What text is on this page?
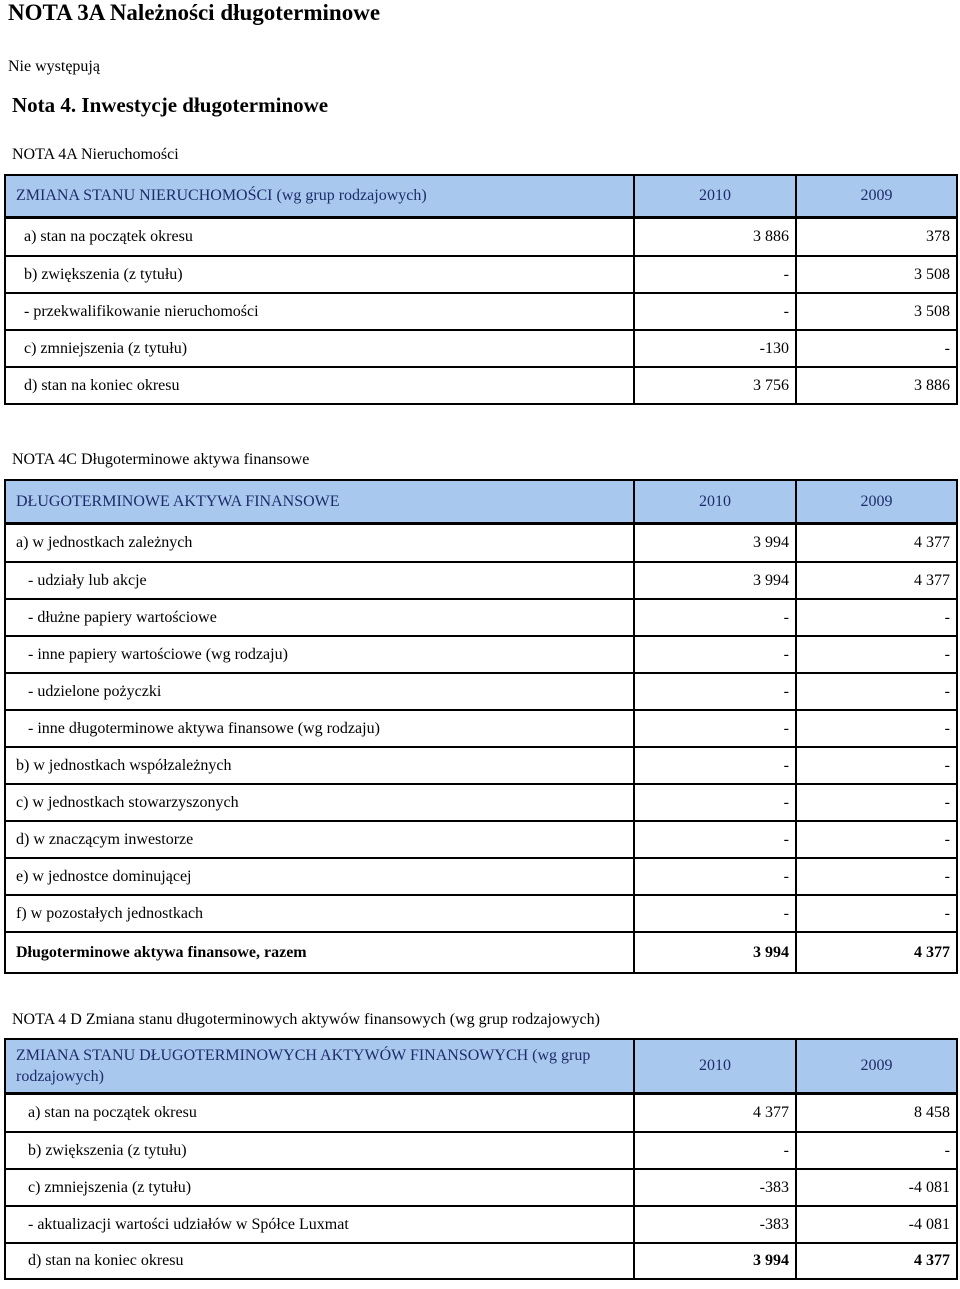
NOTA 3A Należności długoterminowe
Nie występują
Nota 4. Inwestycje długoterminowe
NOTA 4A Nieruchomości
ZMIANA STANU NIERUCHOMOŚCI (wg grup rodzajowych)	2010	2009
a) stan na początek okresu	3 886	378
b) zwiększenia (z tytułu)	-	3 508
- przekwalifikowanie nieruchomości	-	3 508
c) zmniejszenia (z tytułu)	-130	-
d) stan na koniec okresu	3 756	3 886
NOTA 4C Długoterminowe aktywa finansowe
DŁUGOTERMINOWE AKTYWA FINANSOWE	2010	2009
a) w jednostkach zależnych	3 994	4 377
- udziały lub akcje	3 994	4 377
- dłużne papiery wartościowe	-	-
- inne papiery wartościowe (wg rodzaju)	-	-
- udzielone pożyczki	-	-
- inne długoterminowe aktywa finansowe (wg rodzaju)	-	-
b) w jednostkach współzależnych	-	-
c) w jednostkach stowarzyszonych	-	-
d) w znaczącym inwestorze	-	-
e) w jednostce dominującej	-	-
f) w pozostałych jednostkach	-	-
Długoterminowe aktywa finansowe, razem	3 994	4 377
NOTA 4 D Zmiana stanu długoterminowych aktywów finansowych (wg grup rodzajowych)
ZMIANA STANU DŁUGOTERMINOWYCH AKTYWÓW FINANSOWYCH (wg grup rodzajowych)	2010	2009
a) stan na początek okresu	4 377	8 458
b) zwiększenia (z tytułu)	-	-
c) zmniejszenia (z tytułu)	-383	-4 081
- aktualizacji wartości udziałów w Spółce Luxmat	-383	-4 081
d) stan na koniec okresu	3 994	4 377
